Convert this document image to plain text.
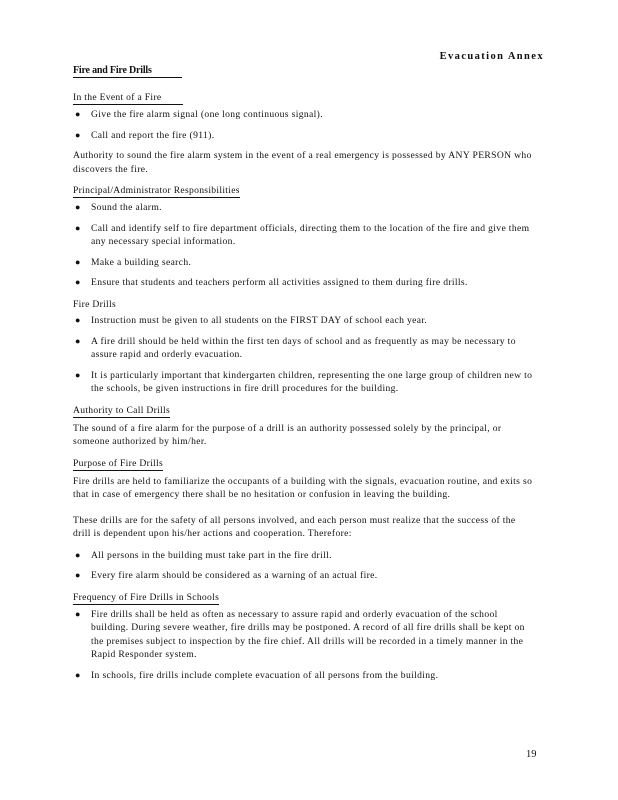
Evacuation Annex
Fire and Fire Drills
In the Event of a Fire
● Give the fire alarm signal (one long continuous signal).
● Call and report the fire (911).

Authority to sound the fire alarm system in the event of a real emergency is possessed by ANY PERSON who discovers the fire.

Principal/Administrator Responsibilities
● Sound the alarm.
● Call and identify self to fire department officials, directing them to the location of the fire and give them any necessary special information.
● Make a building search.
● Ensure that students and teachers perform all activities assigned to them during fire drills.
Fire Drills
● Instruction must be given to all students on the FIRST DAY of school each year.
● A fire drill should be held within the first ten days of school and as frequently as may be necessary to assure rapid and orderly evacuation.
● It is particularly important that kindergarten children, representing the one large group of children new to the schools, be given instructions in fire drill procedures for the building.
Authority to Call Drills

The sound of a fire alarm for the purpose of a drill is an authority possessed solely by the principal, or someone authorized by him/her.

Purpose of Fire Drills

Fire drills are held to familiarize the occupants of a building with the signals, evacuation routine, and exits so that in case of emergency there shall be no hesitation or confusion in leaving the building.

These drills are for the safety of all persons involved, and each person must realize that the success of the drill is dependent upon his/her actions and cooperation. Therefore:

● All persons in the building must take part in the fire drill.
● Every fire alarm should be considered as a warning of an actual fire.
Frequency of Fire Drills in Schools
● Fire drills shall be held as often as necessary to assure rapid and orderly evacuation of the school building. During severe weather, fire drills may be postponed. A record of all fire drills shall be kept on the premises subject to inspection by the fire chief. All drills will be recorded in a timely manner in the Rapid Responder system.
● In schools, fire drills include complete evacuation of all persons from the building.
19
